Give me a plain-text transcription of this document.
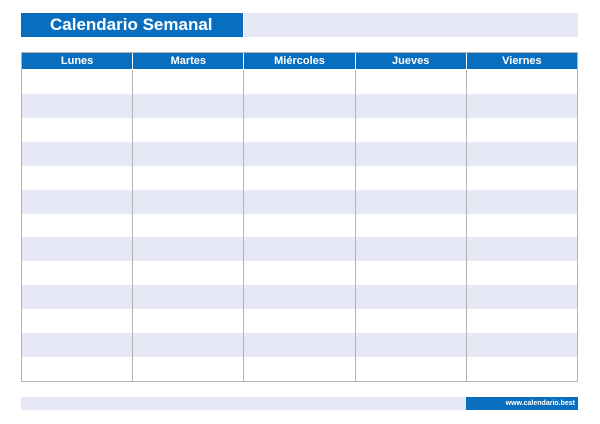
Calendario Semanal
Lunes	Martes	Miércoles	Jueves	Viernes
www.calendario.best
